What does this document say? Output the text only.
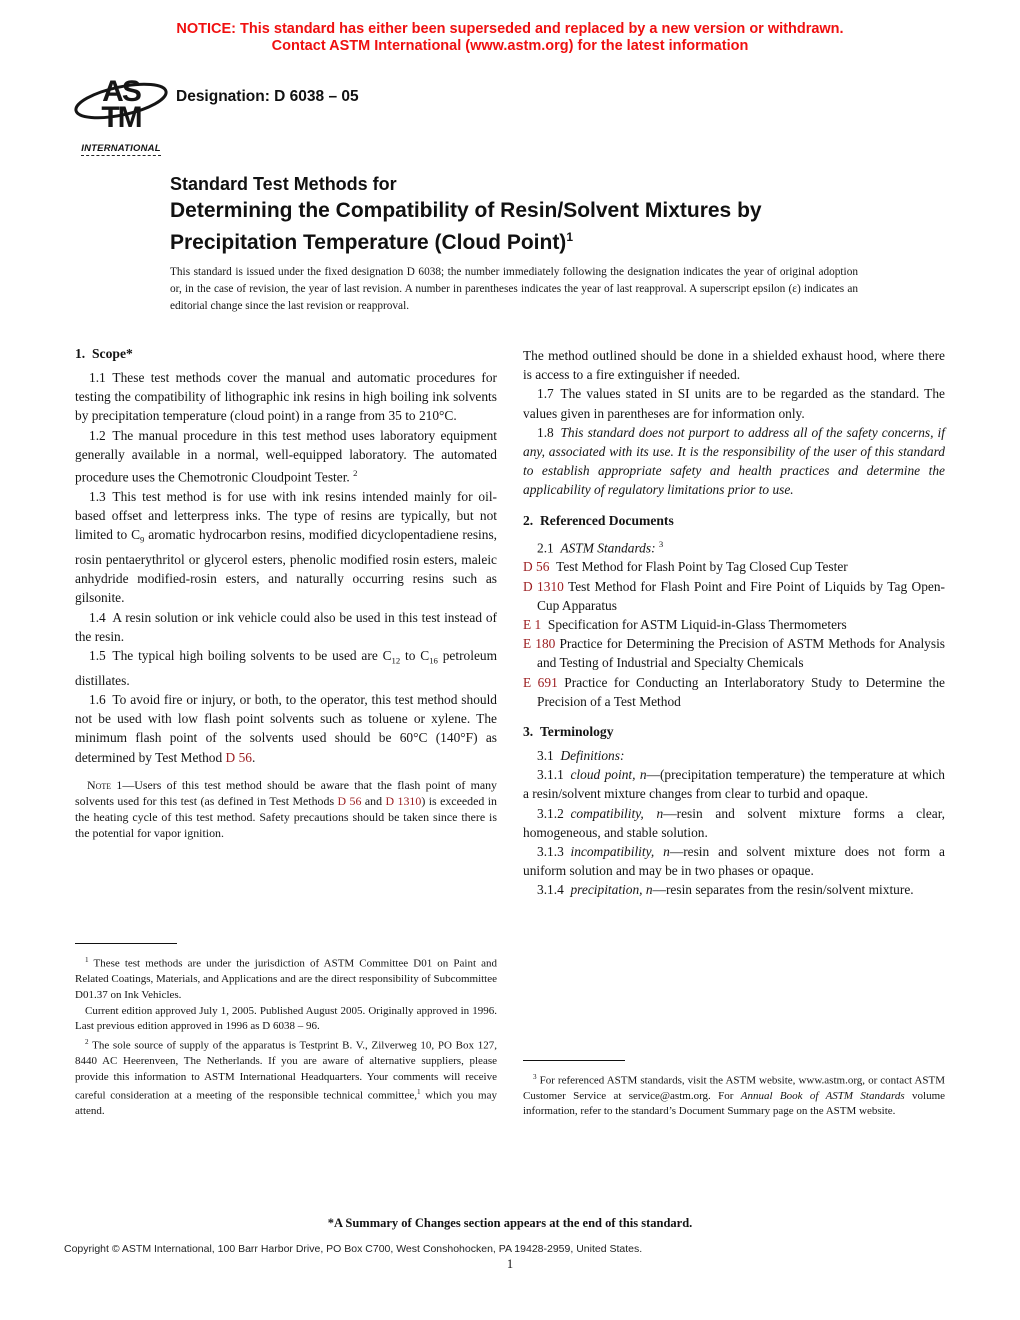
NOTICE: This standard has either been superseded and replaced by a new version or withdrawn.
Contact ASTM International (www.astm.org) for the latest information
AS
TM
INTERNATIONAL
Designation: D 6038 – 05
Standard Test Methods for
Determining the Compatibility of Resin/Solvent Mixtures by
Precipitation Temperature (Cloud Point)$^1$

This standard is issued under the fixed designation D 6038; the number immediately following the designation indicates the year of original adoption or, in the case of revision, the year of last revision. A number in parentheses indicates the year of last reapproval. A superscript epsilon (ε) indicates an editorial change since the last revision or reapproval.

1. Scope*

1.1 These test methods cover the manual and automatic procedures for testing the compatibility of lithographic ink resins in high boiling ink solvents by precipitation temperature (cloud point) in a range from 35 to 210°C.

1.2 The manual procedure in this test method uses laboratory equipment generally available in a normal, well-equipped laboratory. The automated procedure uses the Chemotronic Cloudpoint Tester. $^2$

1.3 This test method is for use with ink resins intended mainly for oil-based offset and letterpress inks. The type of resins are typically, but not limited to $C_9$ aromatic hydrocarbon resins, modified dicyclopentadiene resins, rosin pentaerythritol or glycerol esters, phenolic modified rosin esters, maleic anhydride modified-rosin esters, and naturally occurring resins such as gilsonite.

1.4 A resin solution or ink vehicle could also be used in this test instead of the resin.

1.5 The typical high boiling solvents to be used are $C_{12}$ to $C_{16}$ petroleum distillates.

1.6 To avoid fire or injury, or both, to the operator, this test method should not be used with low flash point solvents such as toluene or xylene. The minimum flash point of the solvents used should be 60°C (140°F) as determined by Test Method D 56.

Note 1—Users of this test method should be aware that the flash point of many solvents used for this test (as defined in Test Methods D 56 and D 1310) is exceeded in the heating cycle of this test method. Safety precautions should be taken since there is the potential for vapor ignition.

$^1$ These test methods are under the jurisdiction of ASTM Committee D01 on Paint and Related Coatings, Materials, and Applications and are the direct responsibility of Subcommittee D01.37 on Ink Vehicles.

Current edition approved July 1, 2005. Published August 2005. Originally approved in 1996. Last previous edition approved in 1996 as D 6038 – 96.

$^2$ The sole source of supply of the apparatus is Testprint B. V., Zilverweg 10, PO Box 127, 8440 AC Heerenveen, The Netherlands. If you are aware of alternative suppliers, please provide this information to ASTM International Headquarters. Your comments will receive careful consideration at a meeting of the responsible technical committee,$^1$ which you may attend.

The method outlined should be done in a shielded exhaust hood, where there is access to a fire extinguisher if needed.

1.7 The values stated in SI units are to be regarded as the standard. The values given in parentheses are for information only.

1.8 This standard does not purport to address all of the safety concerns, if any, associated with its use. It is the responsibility of the user of this standard to establish appropriate safety and health practices and determine the applicability of regulatory limitations prior to use.

2. Referenced Documents

2.1 ASTM Standards: $^3$

D 56 Test Method for Flash Point by Tag Closed Cup Tester

D 1310 Test Method for Flash Point and Fire Point of Liquids by Tag Open-Cup Apparatus

E 1 Specification for ASTM Liquid-in-Glass Thermometers

E 180 Practice for Determining the Precision of ASTM Methods for Analysis and Testing of Industrial and Specialty Chemicals

E 691 Practice for Conducting an Interlaboratory Study to Determine the Precision of a Test Method

3. Terminology

3.1 Definitions:

3.1.1 cloud point, n—(precipitation temperature) the temperature at which a resin/solvent mixture changes from clear to turbid and opaque.

3.1.2 compatibility, n—resin and solvent mixture forms a clear, homogeneous, and stable solution.

3.1.3 incompatibility, n—resin and solvent mixture does not form a uniform solution and may be in two phases or opaque.

3.1.4 precipitation, n—resin separates from the resin/solvent mixture.

$^3$ For referenced ASTM standards, visit the ASTM website, www.astm.org, or contact ASTM Customer Service at service@astm.org. For Annual Book of ASTM Standards volume information, refer to the standard’s Document Summary page on the ASTM website.

*A Summary of Changes section appears at the end of this standard.
Copyright © ASTM International, 100 Barr Harbor Drive, PO Box C700, West Conshohocken, PA 19428-2959, United States.
1
